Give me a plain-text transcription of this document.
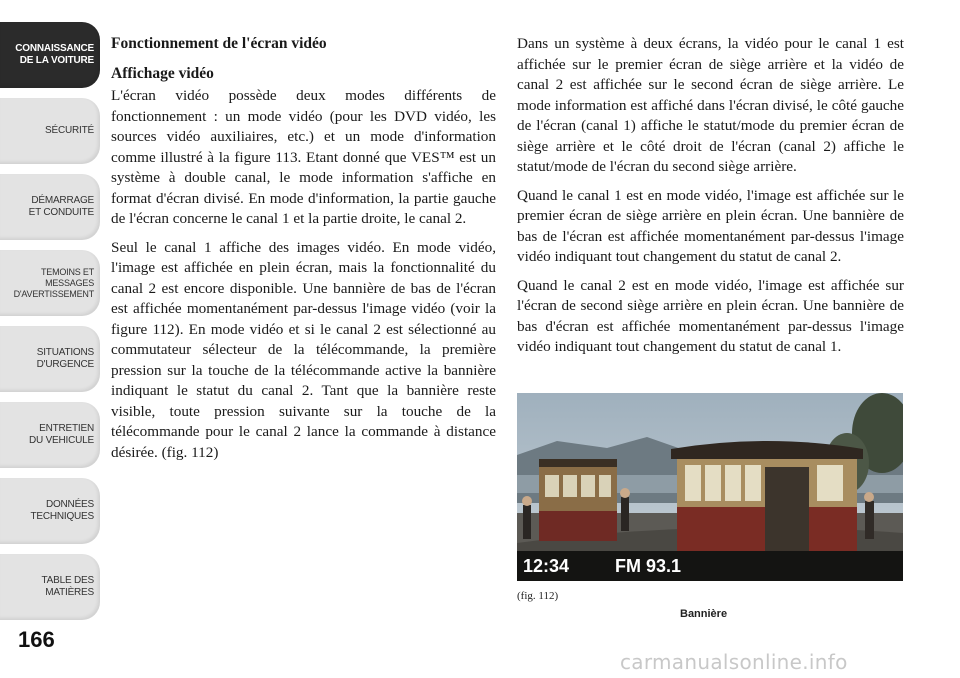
CONNAISSANCE
DE LA VOITURE
SÉCURITÉ
DÉMARRAGE
ET CONDUITE
TEMOINS ET
MESSAGES
D'AVERTISSEMENT
SITUATIONS
D'URGENCE
ENTRETIEN
DU VEHICULE
DONNÉES
TECHNIQUES
TABLE DES
MATIÈRES
166
Fonctionnement de l'écran vidéo
Affichage vidéo

L'écran vidéo possède deux modes différents de fonctionnement : un mode vidéo (pour les DVD vidéo, les sources vidéo auxiliaires, etc.) et un mode d'information comme illustré à la figure 113. Etant donné que VES™ est un système à double canal, le mode information s'affiche en format d'écran divisé. En mode d'information, la partie gauche de l'écran concerne le canal 1 et la partie droite, le canal 2.

Seul le canal 1 affiche des images vidéo. En mode vidéo, l'image est affichée en plein écran, mais la fonctionnalité du canal 2 est encore disponible. Une bannière de bas de l'écran est affichée momentanément par-dessus l'image vidéo (voir la figure 112). En mode vidéo et si le canal 2 est sélectionné au commutateur sélecteur de la télécommande, la première pression sur la touche de la télécommande active la bannière indiquant le statut du canal 2. Tant que la bannière reste visible, toute pression suivante sur la touche de la télécommande pour le canal 2 lance la commande à distance désirée. (fig. 112)

Dans un système à deux écrans, la vidéo pour le canal 1 est affichée sur le premier écran de siège arrière et la vidéo de canal 2 est affichée sur le second écran de siège arrière. Le mode information est affiché dans l'écran divisé, le côté gauche de l'écran (canal 1) affiche le statut/mode du premier écran de siège arrière et le côté droit de l'écran (canal 2) affiche le statut/mode de l'écran du second siège arrière.

Quand le canal 1 est en mode vidéo, l'image est affichée sur le premier écran de siège arrière en plein écran. Une bannière de bas de l'écran est affichée momentanément par-dessus l'image vidéo indiquant tout changement du statut de canal 2.

Quand le canal 2 est en mode vidéo, l'image est affichée sur l'écran de second siège arrière en plein écran. Une bannière de bas d'écran est affichée momentanément par-dessus l'image vidéo indiquant tout changement du statut de canal 1.

12:34	FM 93.1
(fig. 112)
Bannière
carmanualsonline.info
